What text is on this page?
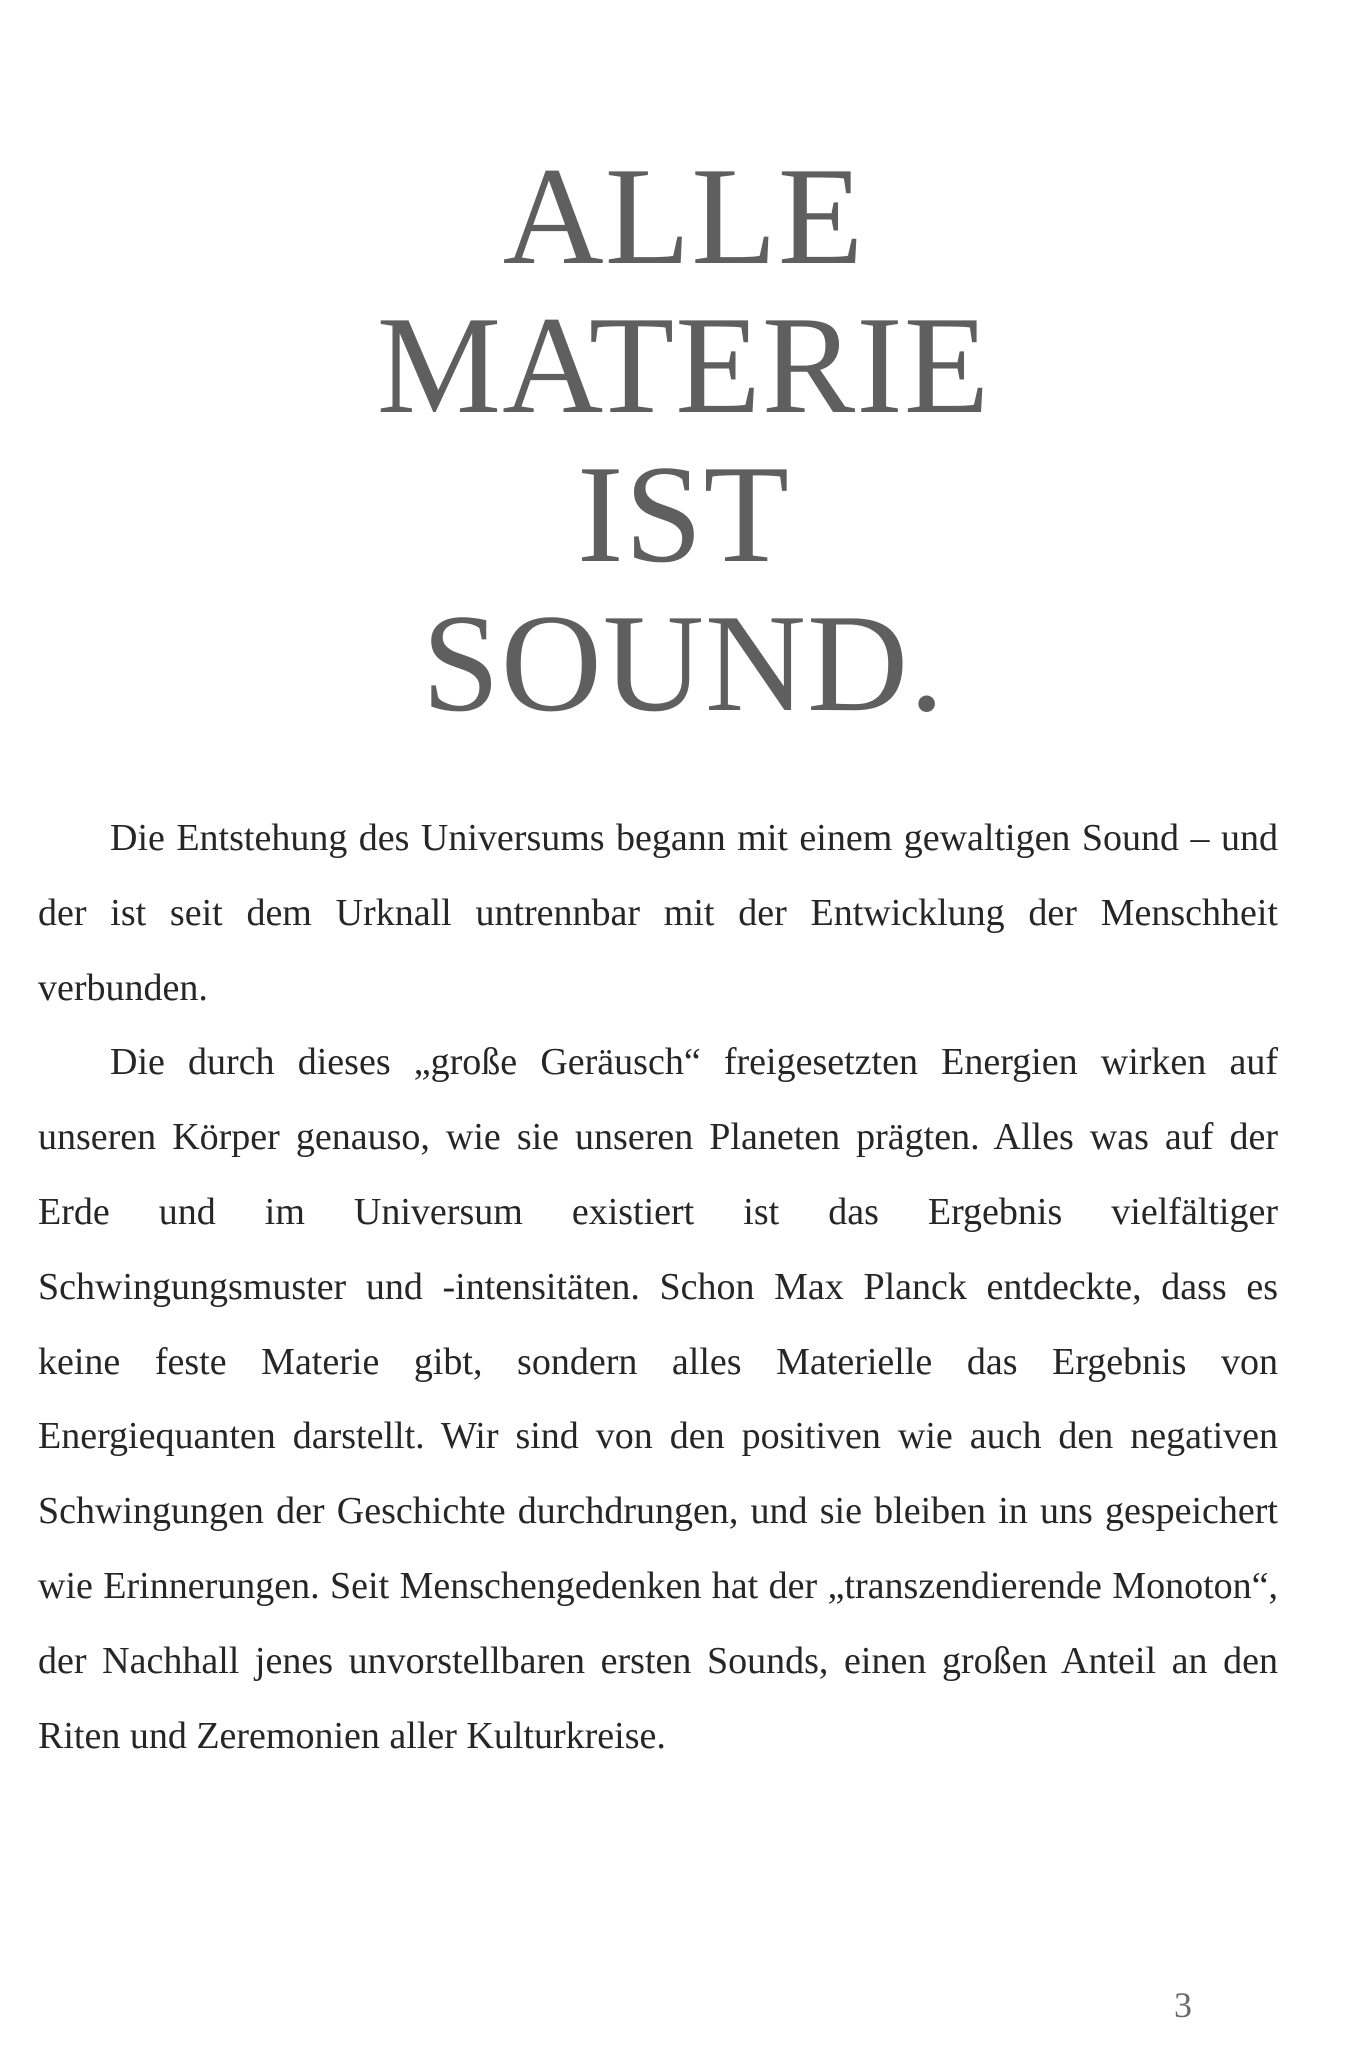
ALLE
MATERIE
IST
SOUND.

Die Entstehung des Universums begann mit einem gewaltigen Sound – und der ist seit dem Urknall untrennbar mit der Entwicklung der Menschheit verbunden.

Die durch dieses „große Geräusch“ freigesetzten Energien wirken auf unseren Körper genauso, wie sie unseren Planeten prägten. Alles was auf der Erde und im Universum existiert ist das Ergebnis vielfältiger Schwingungsmuster und -intensitäten. Schon Max Planck entdeckte, dass es keine feste Materie gibt, sondern alles Materielle das Ergebnis von Energiequanten darstellt. Wir sind von den positiven wie auch den negativen Schwingungen der Geschichte durchdrungen, und sie bleiben in uns gespeichert wie Erinnerungen. Seit Menschengedenken hat der „transzendierende Monoton“, der Nachhall jenes unvorstellbaren ersten Sounds, einen großen Anteil an den Riten und Zeremonien aller Kulturkreise.

3
